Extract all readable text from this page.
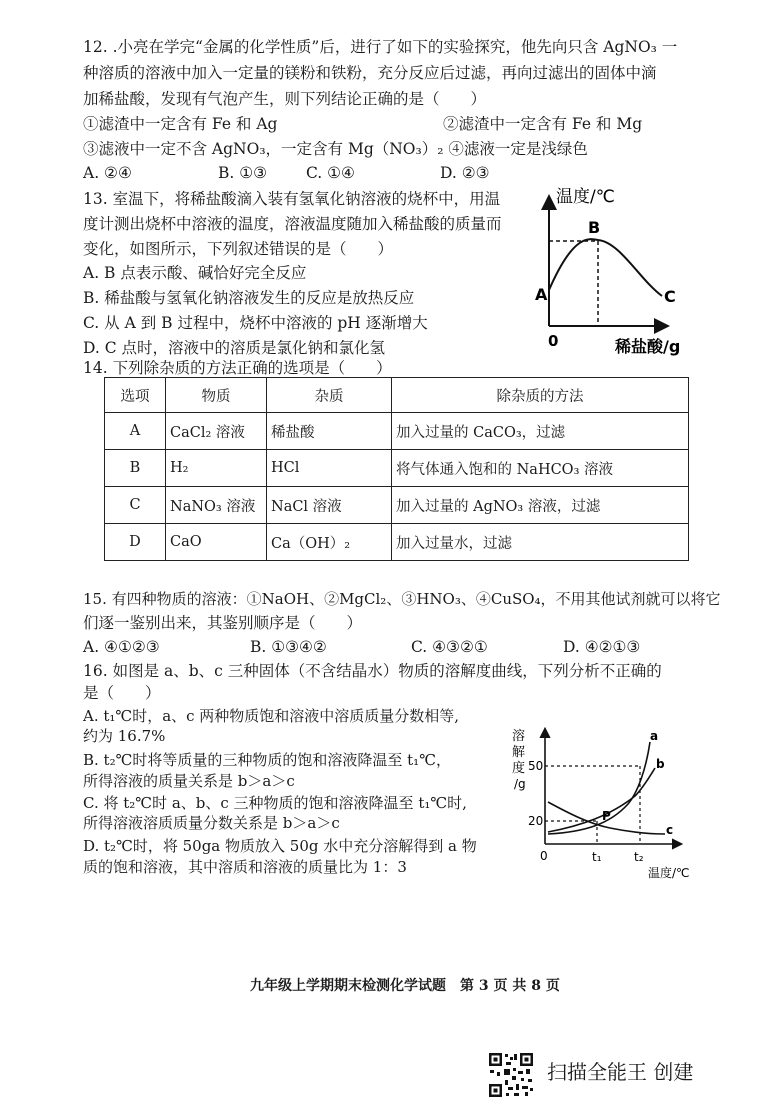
12. .小亮在学完“金属的化学性质”后，进行了如下的实验探究，他先向只含 AgNO₃ 一
种溶质的溶液中加入一定量的镁粉和铁粉，充分反应后过滤，再向过滤出的固体中滴
加稀盐酸，发现有气泡产生，则下列结论正确的是（　　）
①滤渣中一定含有 Fe 和 Ag	②滤渣中一定含有 Fe 和 Mg
③滤液中一定不含 AgNO₃，一定含有 Mg（NO₃）₂ ④滤液一定是浅绿色
A. ②④	B. ①③	C. ①④	D. ②③
13. 室温下，将稀盐酸滴入装有氢氧化钠溶液的烧杯中，用温
度计测出烧杯中溶液的温度，溶液温度随加入稀盐酸的质量而
变化，如图所示，下列叙述错误的是（　　）
A. B 点表示酸、碱恰好完全反应
B. 稀盐酸与氢氧化钠溶液发生的反应是放热反应
C. 从 A 到 B 过程中，烧杯中溶液的 pH 逐渐增大
D. C 点时，溶液中的溶质是氯化钠和氯化氢
温度/℃
稀盐酸/g
0
A
B
C
14. 下列除杂质的方法正确的选项是（　　）
选项	物质	杂质	除杂质的方法
A	CaCl₂ 溶液	稀盐酸	加入过量的 CaCO₃，过滤
B	H₂	HCl	将气体通入饱和的 NaHCO₃ 溶液
C	NaNO₃ 溶液	NaCl 溶液	加入过量的 AgNO₃ 溶液，过滤
D	CaO	Ca（OH）₂	加入过量水，过滤
15. 有四种物质的溶液：①NaOH、②MgCl₂、③HNO₃、④CuSO₄，不用其他试剂就可以将它
们逐一鉴别出来，其鉴别顺序是（　　）
A. ④①②③	B. ①③④②	C. ④③②①	D. ④②①③
16. 如图是 a、b、c 三种固体（不含结晶水）物质的溶解度曲线，下列分析不正确的
是（　　）
A. t₁℃时，a、c 两种物质饱和溶液中溶质质量分数相等,
约为 16.7%
B. t₂℃时将等质量的三种物质的饱和溶液降温至 t₁℃，
所得溶液的质量关系是 b＞a＞c
C. 将 t₂℃时 a、b、c 三种物质的饱和溶液降温至 t₁℃时,
所得溶液溶质质量分数关系是 b＞a＞c
D. t₂℃时，将 50ga 物质放入 50g 水中充分溶解得到 a 物
质的饱和溶液，其中溶质和溶液的质量比为 1：3
溶
解
度
/g
50
20
0	t₁	t₂
温度/℃
a
b
c
P
九年级上学期期末检测化学试题　第 3 页 共 8 页
扫描全能王 创建
